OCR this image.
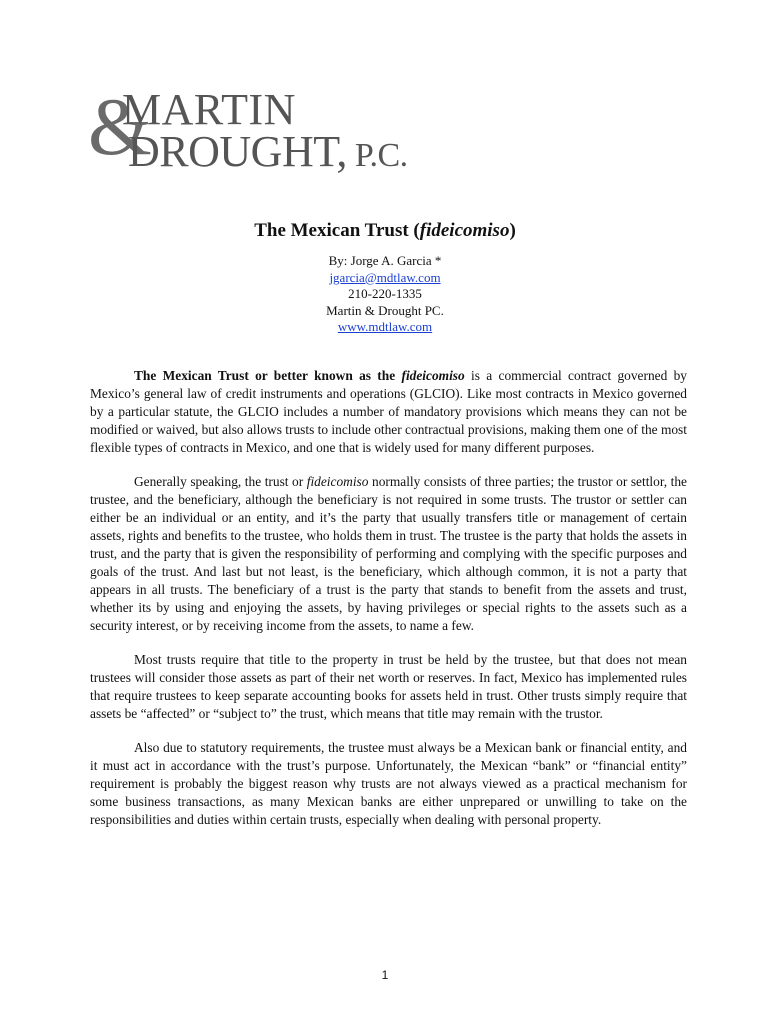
&
MARTIN
DROUGHT, P.C.
The Mexican Trust (fideicomiso)
By: Jorge A. Garcia *
jgarcia@mdtlaw.com
210-220-1335
Martin & Drought PC.
www.mdtlaw.com

The Mexican Trust or better known as the fideicomiso is a commercial contract governed by Mexico’s general law of credit instruments and operations (GLCIO). Like most contracts in Mexico governed by a particular statute, the GLCIO includes a number of mandatory provisions which means they can not be modified or waived, but also allows trusts to include other contractual provisions, making them one of the most flexible types of contracts in Mexico, and one that is widely used for many different purposes.

Generally speaking, the trust or fideicomiso normally consists of three parties; the trustor or settlor, the trustee, and the beneficiary, although the beneficiary is not required in some trusts. The trustor or settler can either be an individual or an entity, and it’s the party that usually transfers title or management of certain assets, rights and benefits to the trustee, who holds them in trust. The trustee is the party that holds the assets in trust, and the party that is given the responsibility of performing and complying with the specific purposes and goals of the trust. And last but not least, is the beneficiary, which although common, it is not a party that appears in all trusts. The beneficiary of a trust is the party that stands to benefit from the assets and trust, whether its by using and enjoying the assets, by having privileges or special rights to the assets such as a security interest, or by receiving income from the assets, to name a few.

Most trusts require that title to the property in trust be held by the trustee, but that does not mean trustees will consider those assets as part of their net worth or reserves. In fact, Mexico has implemented rules that require trustees to keep separate accounting books for assets held in trust. Other trusts simply require that assets be “affected” or “subject to” the trust, which means that title may remain with the trustor.

Also due to statutory requirements, the trustee must always be a Mexican bank or financial entity, and it must act in accordance with the trust’s purpose. Unfortunately, the Mexican “bank” or “financial entity” requirement is probably the biggest reason why trusts are not always viewed as a practical mechanism for some business transactions, as many Mexican banks are either unprepared or unwilling to take on the responsibilities and duties within certain trusts, especially when dealing with personal property.

1
